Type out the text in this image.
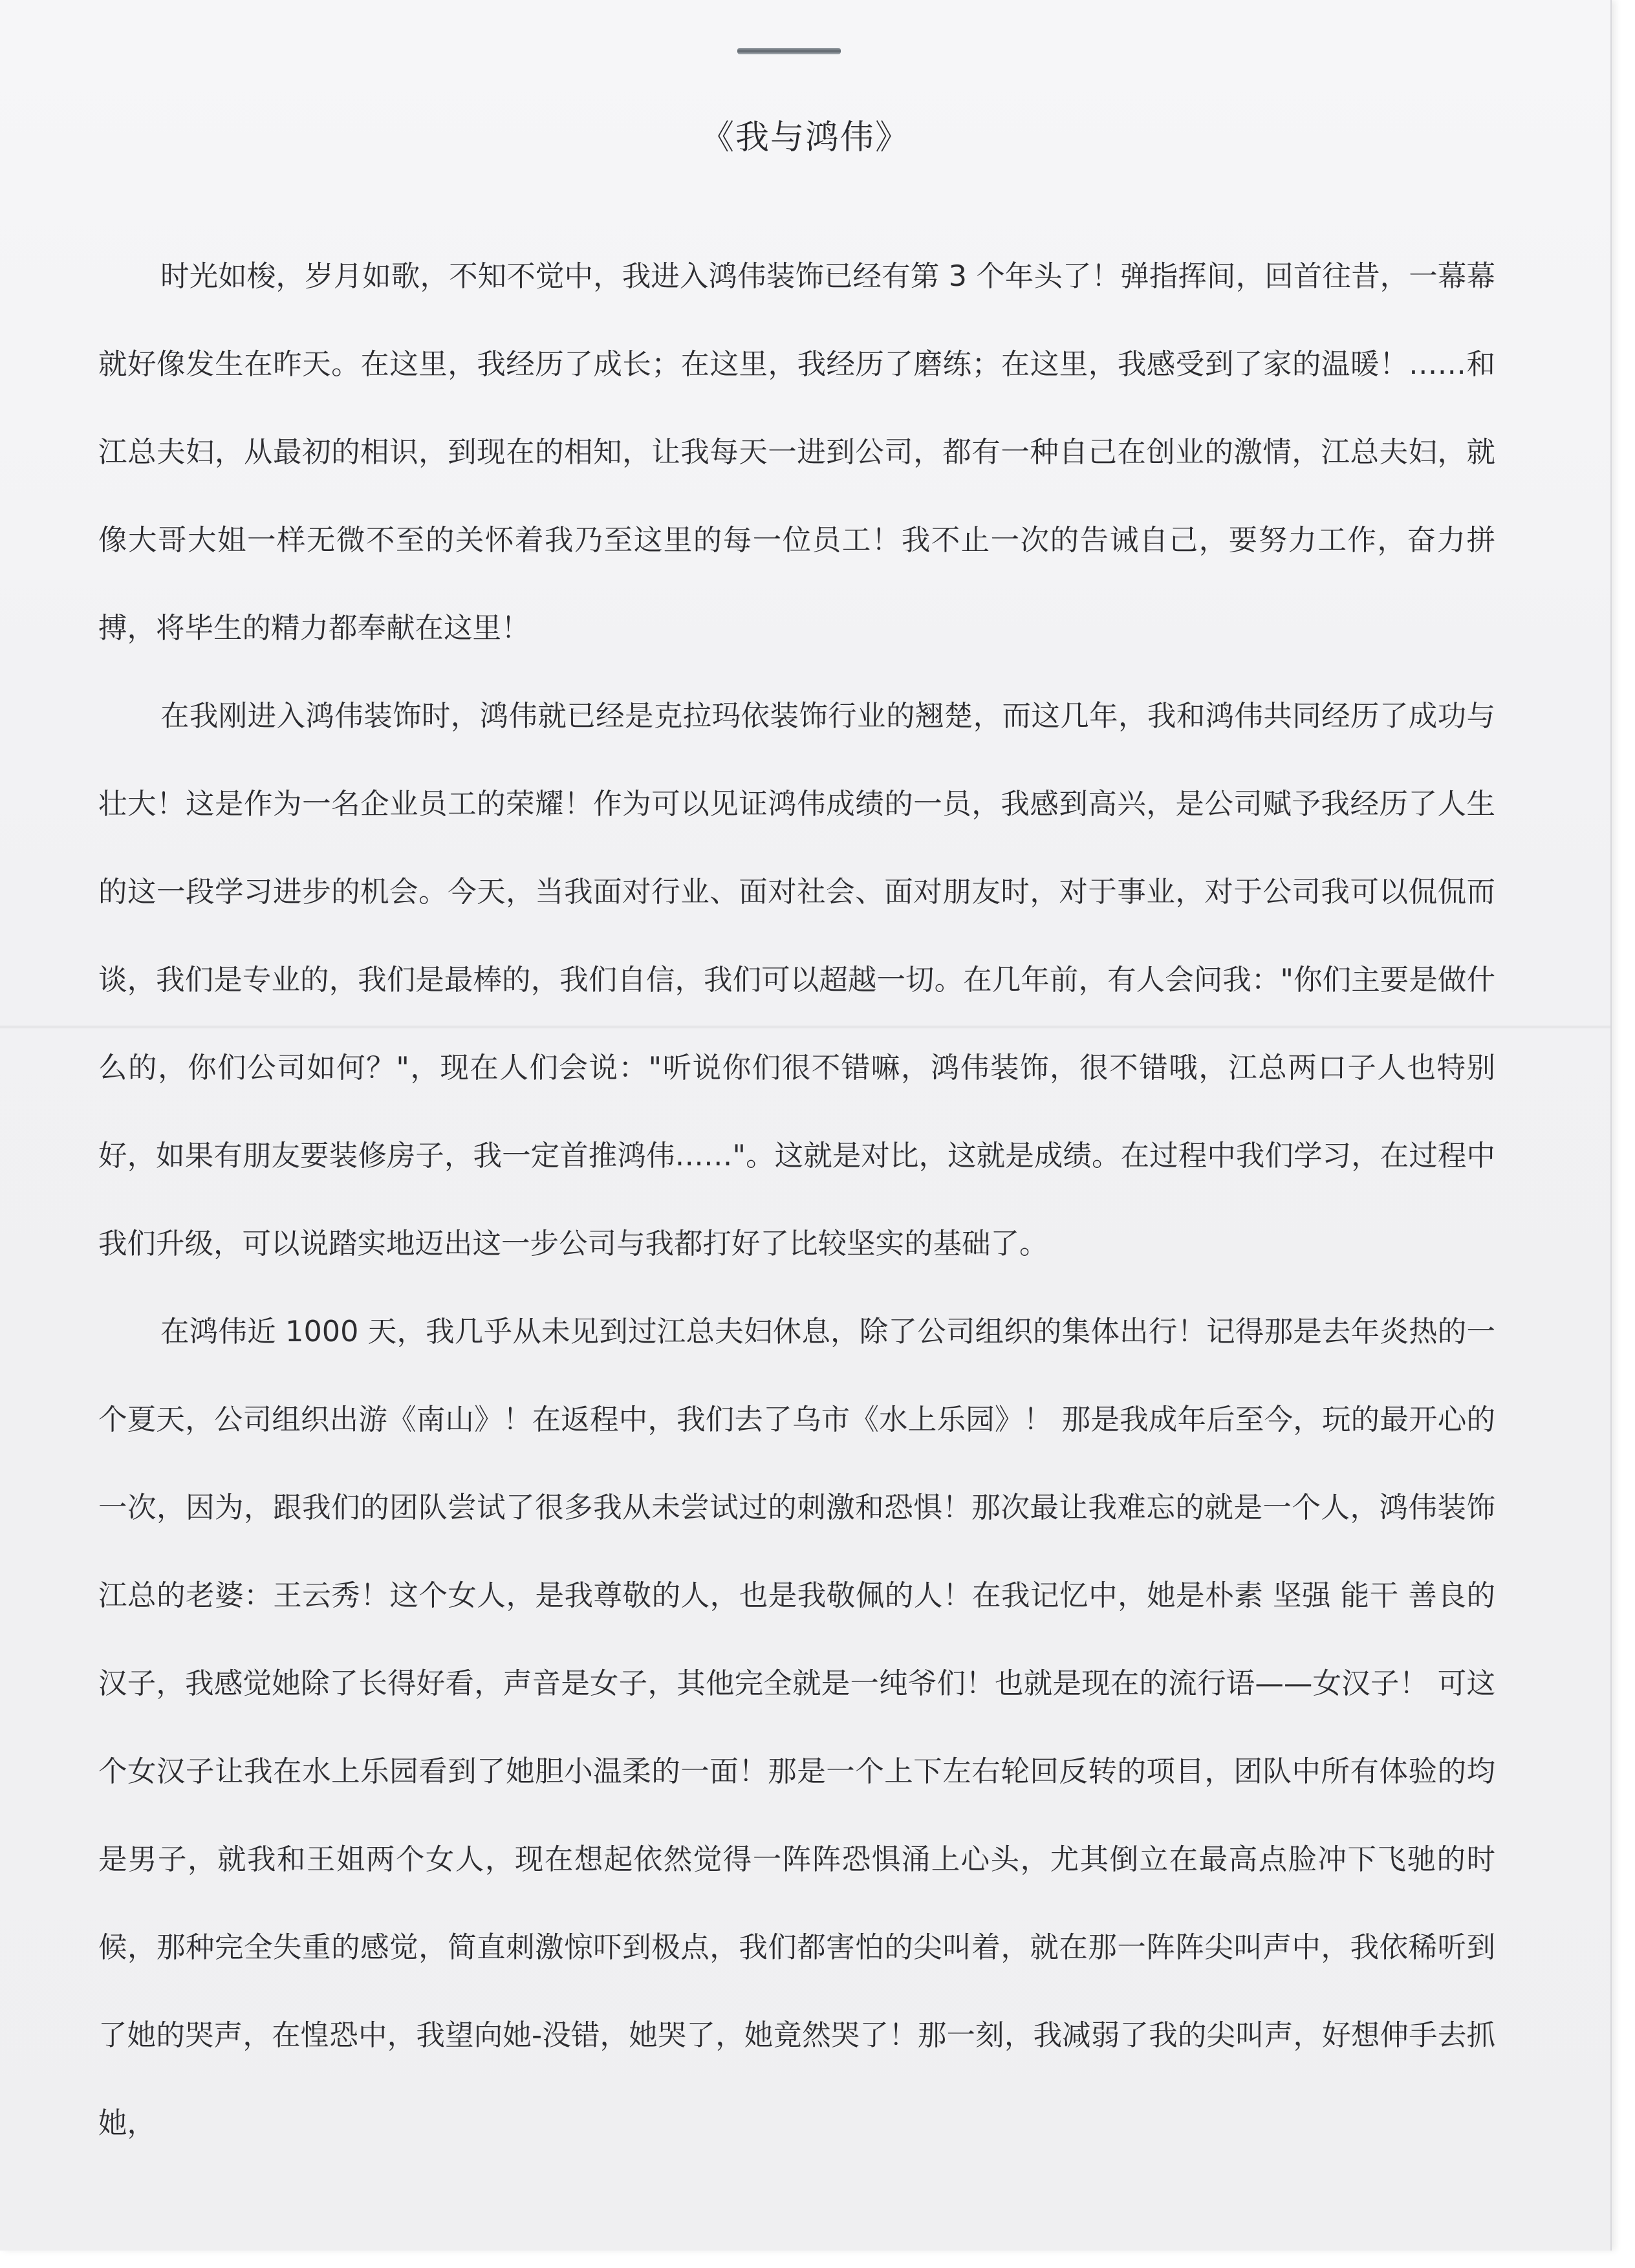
《我与鸿伟》

时光如梭，岁月如歌，不知不觉中，我进入鸿伟装饰已经有第 3 个年头了！弹指挥间，回首往昔，一幕幕就好像发生在昨天。在这里，我经历了成长；在这里，我经历了磨练；在这里，我感受到了家的温暖！……和江总夫妇，从最初的相识，到现在的相知，让我每天一进到公司，都有一种自己在创业的激情，江总夫妇，就像大哥大姐一样无微不至的关怀着我乃至这里的每一位员工！我不止一次的告诫自己，要努力工作，奋力拼搏，将毕生的精力都奉献在这里！

在我刚进入鸿伟装饰时，鸿伟就已经是克拉玛依装饰行业的翘楚，而这几年，我和鸿伟共同经历了成功与壮大！这是作为一名企业员工的荣耀！作为可以见证鸿伟成绩的一员，我感到高兴，是公司赋予我经历了人生的这一段学习进步的机会。今天，当我面对行业、面对社会、面对朋友时，对于事业，对于公司我可以侃侃而谈，我们是专业的，我们是最棒的，我们自信，我们可以超越一切。在几年前，有人会问我："你们主要是做什么的，你们公司如何？"，现在人们会说："听说你们很不错嘛，鸿伟装饰，很不错哦，江总两口子人也特别好，如果有朋友要装修房子，我一定首推鸿伟……"。这就是对比，这就是成绩。在过程中我们学习，在过程中我们升级，可以说踏实地迈出这一步公司与我都打好了比较坚实的基础了。

在鸿伟近 1000 天，我几乎从未见到过江总夫妇休息，除了公司组织的集体出行！记得那是去年炎热的一个夏天，公司组织出游《南山》！在返程中，我们去了乌市《水上乐园》！ 那是我成年后至今，玩的最开心的一次，因为，跟我们的团队尝试了很多我从未尝试过的刺激和恐惧！那次最让我难忘的就是一个人，鸿伟装饰江总的老婆：王云秀！这个女人，是我尊敬的人，也是我敬佩的人！在我记忆中，她是朴素 坚强 能干 善良的汉子，我感觉她除了长得好看，声音是女子，其他完全就是一纯爷们！也就是现在的流行语——女汉子！ 可这个女汉子让我在水上乐园看到了她胆小温柔的一面！那是一个上下左右轮回反转的项目，团队中所有体验的均是男子，就我和王姐两个女人，现在想起依然觉得一阵阵恐惧涌上心头，尤其倒立在最高点脸冲下飞驰的时候，那种完全失重的感觉，简直刺激惊吓到极点，我们都害怕的尖叫着，就在那一阵阵尖叫声中，我依稀听到了她的哭声，在惶恐中，我望向她-没错，她哭了，她竟然哭了！那一刻，我减弱了我的尖叫声，好想伸手去抓她，
